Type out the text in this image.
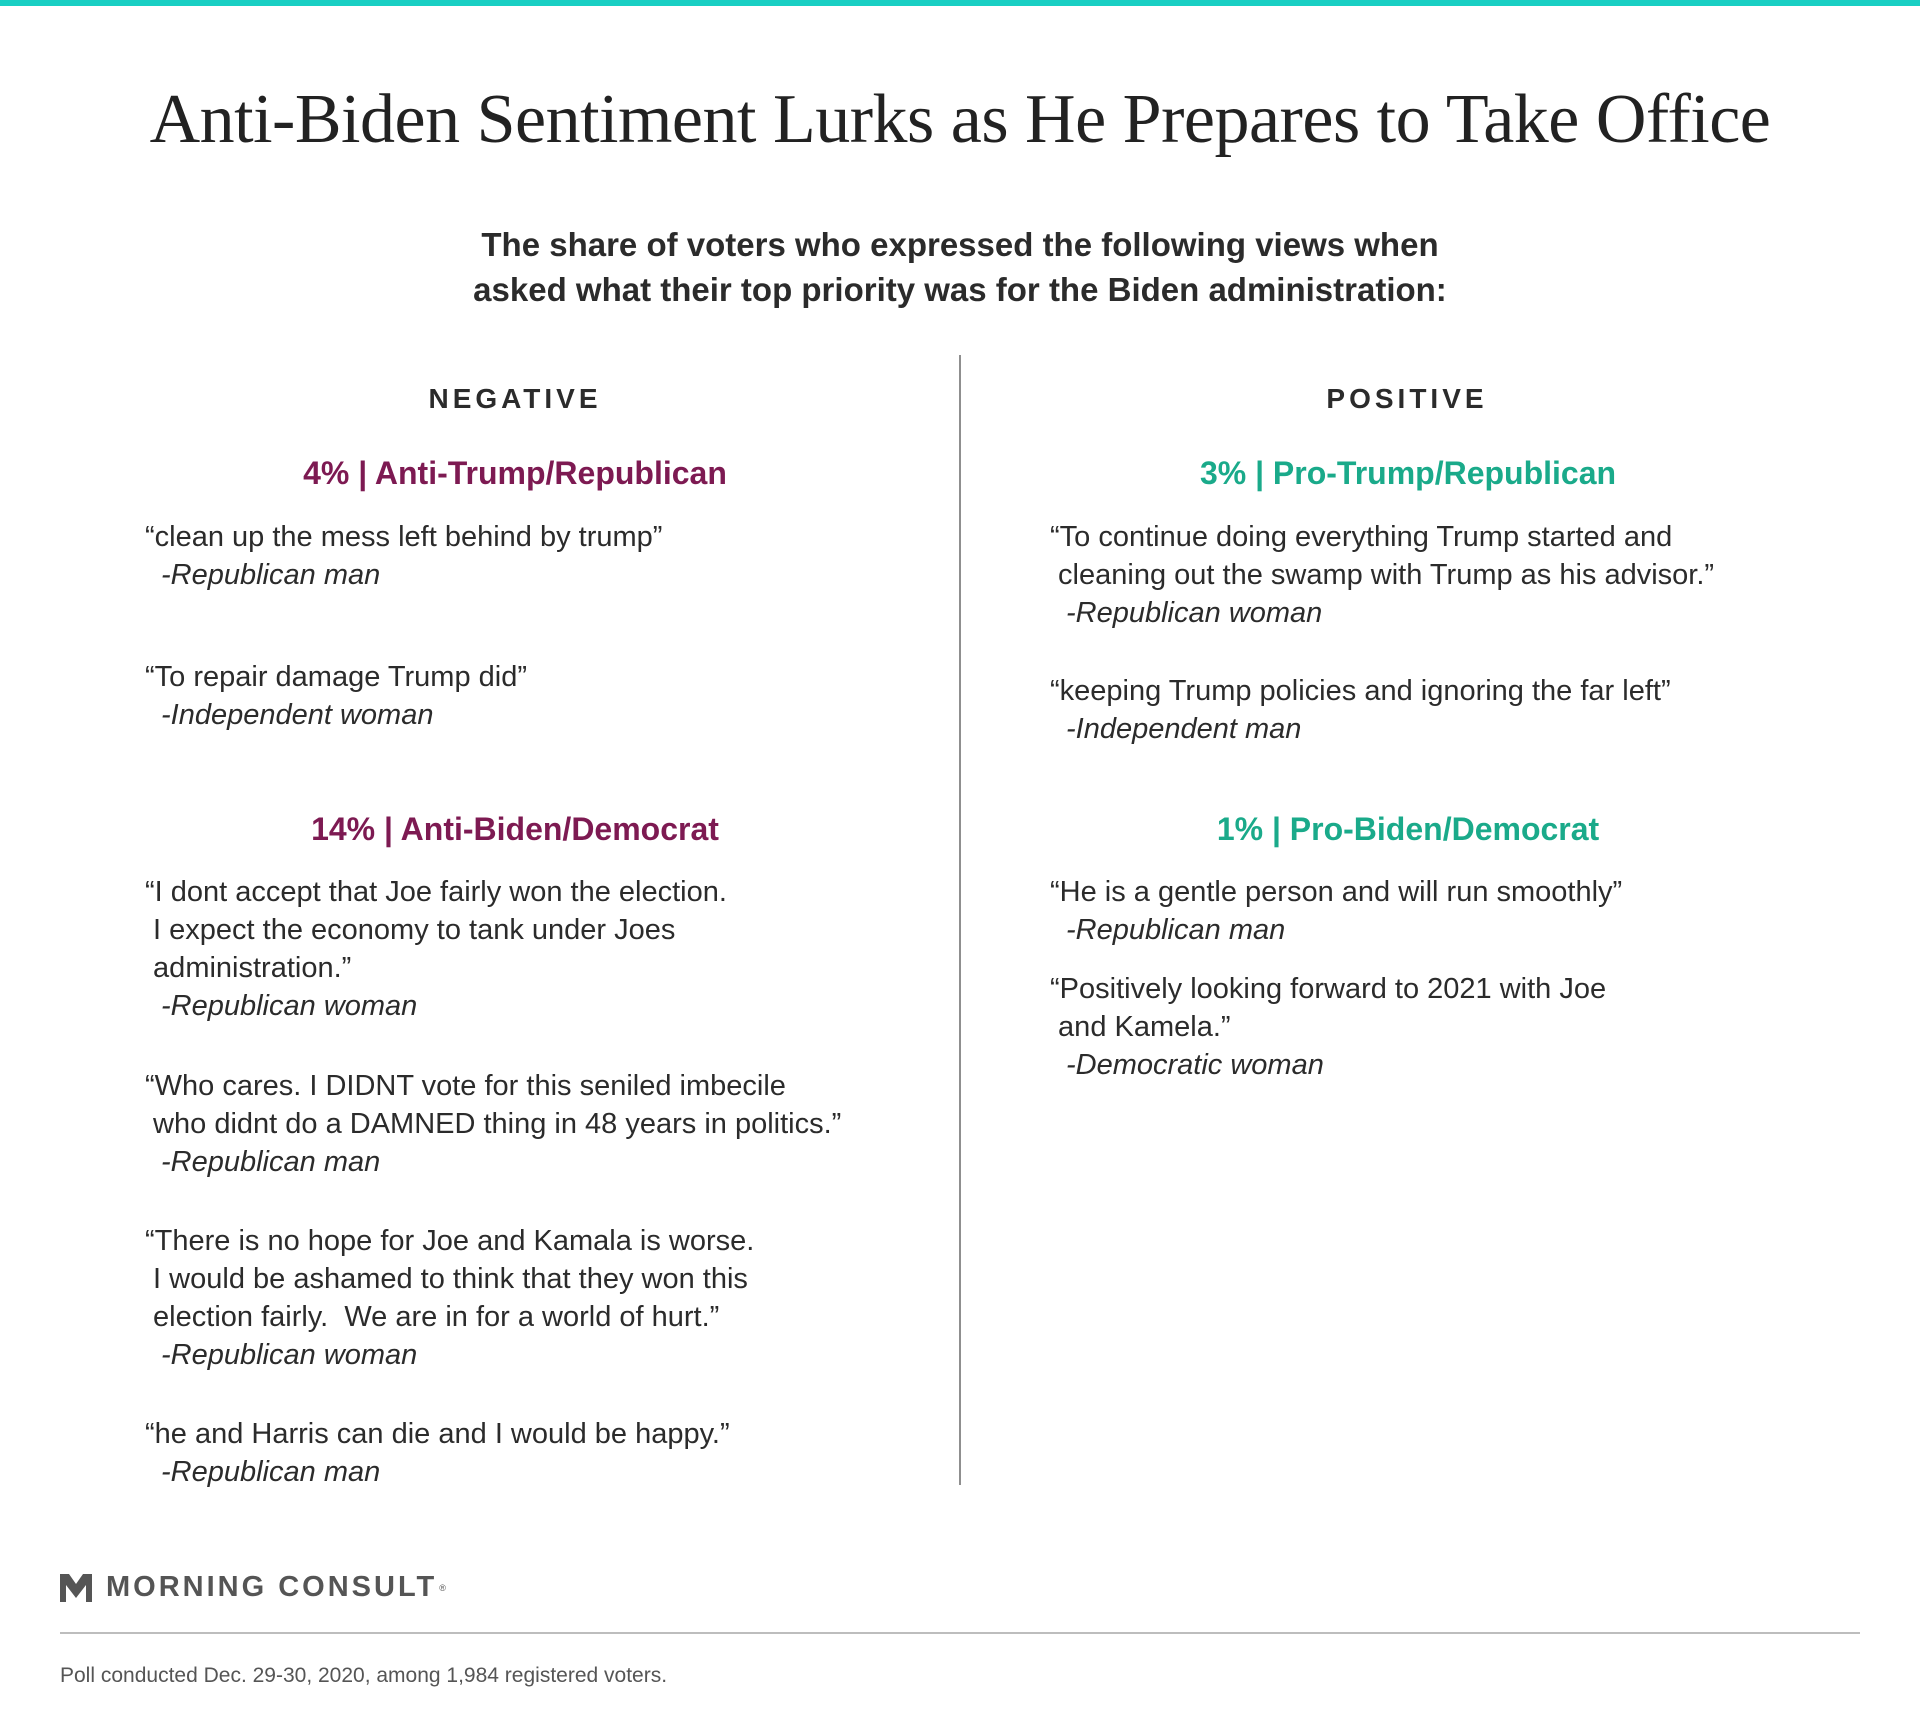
Anti-Biden Sentiment Lurks as He Prepares to Take Office
The share of voters who expressed the following views when
asked what their top priority was for the Biden administration:
NEGATIVE
4% | Anti-Trump/Republican
“clean up the mess left behind by trump”
-Republican man
“To repair damage Trump did”
-Independent woman
14% | Anti-Biden/Democrat
“I dont accept that Joe fairly won the election.
I expect the economy to tank under Joes
administration.”
-Republican woman
“Who cares. I DIDNT vote for this seniled imbecile
who didnt do a DAMNED thing in 48 years in politics.”
-Republican man
“There is no hope for Joe and Kamala is worse.
I would be ashamed to think that they won this
election fairly.  We are in for a world of hurt.”
-Republican woman
“he and Harris can die and I would be happy.”
-Republican man
POSITIVE
3% | Pro-Trump/Republican
“To continue doing everything Trump started and
cleaning out the swamp with Trump as his advisor.”
-Republican woman
“keeping Trump policies and ignoring the far left”
-Independent man
1% | Pro-Biden/Democrat
“He is a gentle person and will run smoothly”
-Republican man
“Positively looking forward to 2021 with Joe
and Kamela.”
-Democratic woman
MORNING CONSULT ®
Poll conducted Dec. 29-30, 2020, among 1,984 registered voters.
